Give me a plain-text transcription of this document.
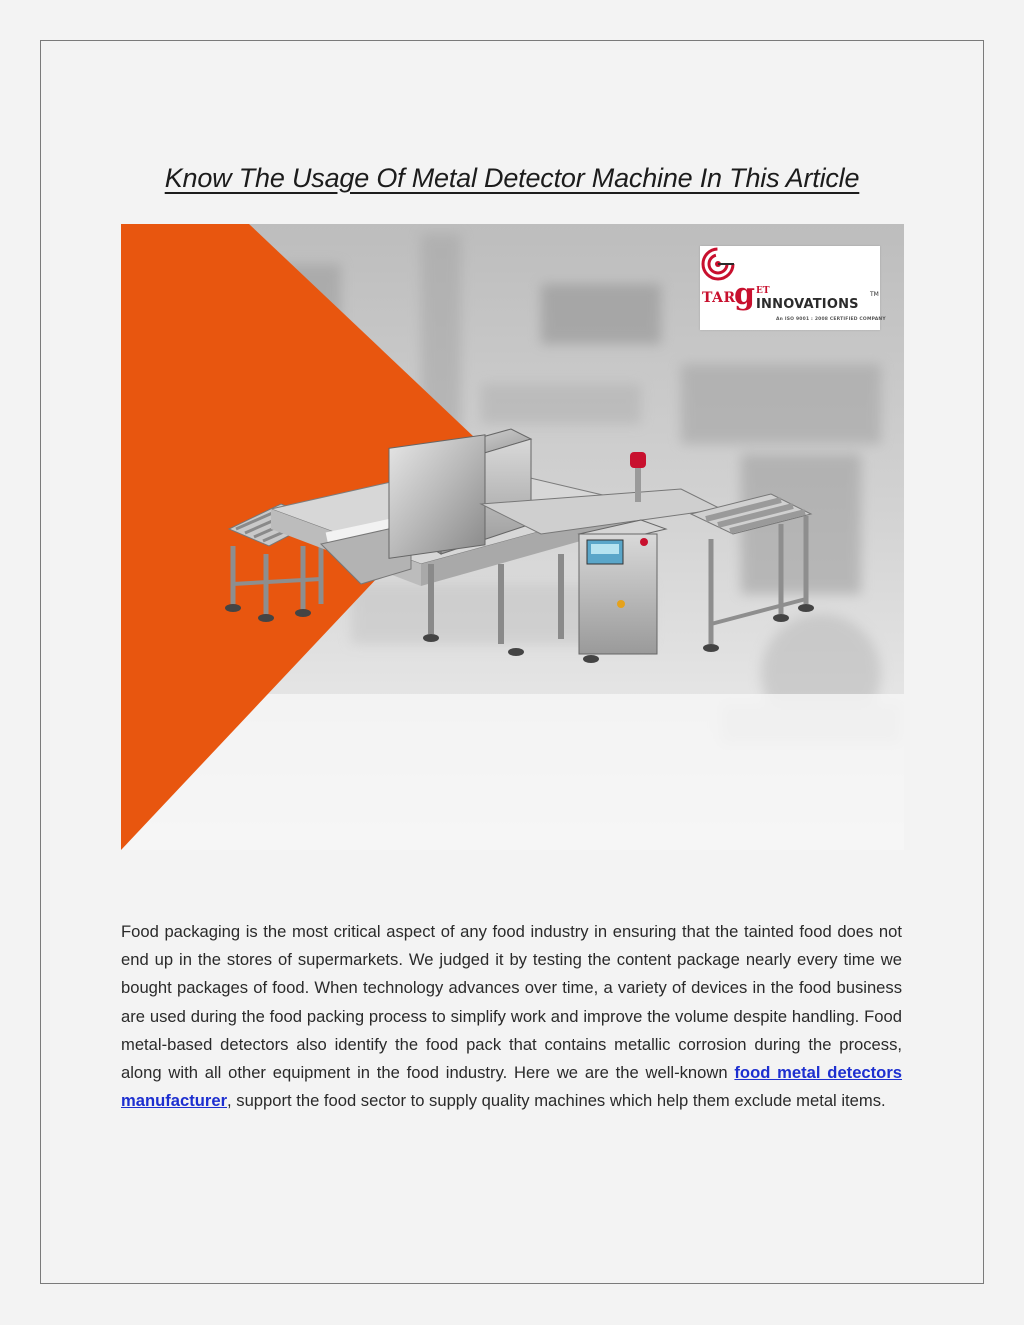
Know The Usage Of Metal Detector Machine In This Article
TAR
g ET
INNOVATIONS
TM
An ISO 9001 : 2008 CERTIFIED COMPANY

Food packaging is the most critical aspect of any food industry in ensuring that the tainted food does not end up in the stores of supermarkets. We judged it by testing the content package nearly every time we bought packages of food. When technology advances over time, a variety of devices in the food business are used during the food packing process to simplify work and improve the volume despite handling. Food metal-based detectors also identify the food pack that contains metallic corrosion during the process, along with all other equipment in the food industry. Here we are the well-known food metal detectors manufacturer, support the food sector to supply quality machines which help them exclude metal items.
